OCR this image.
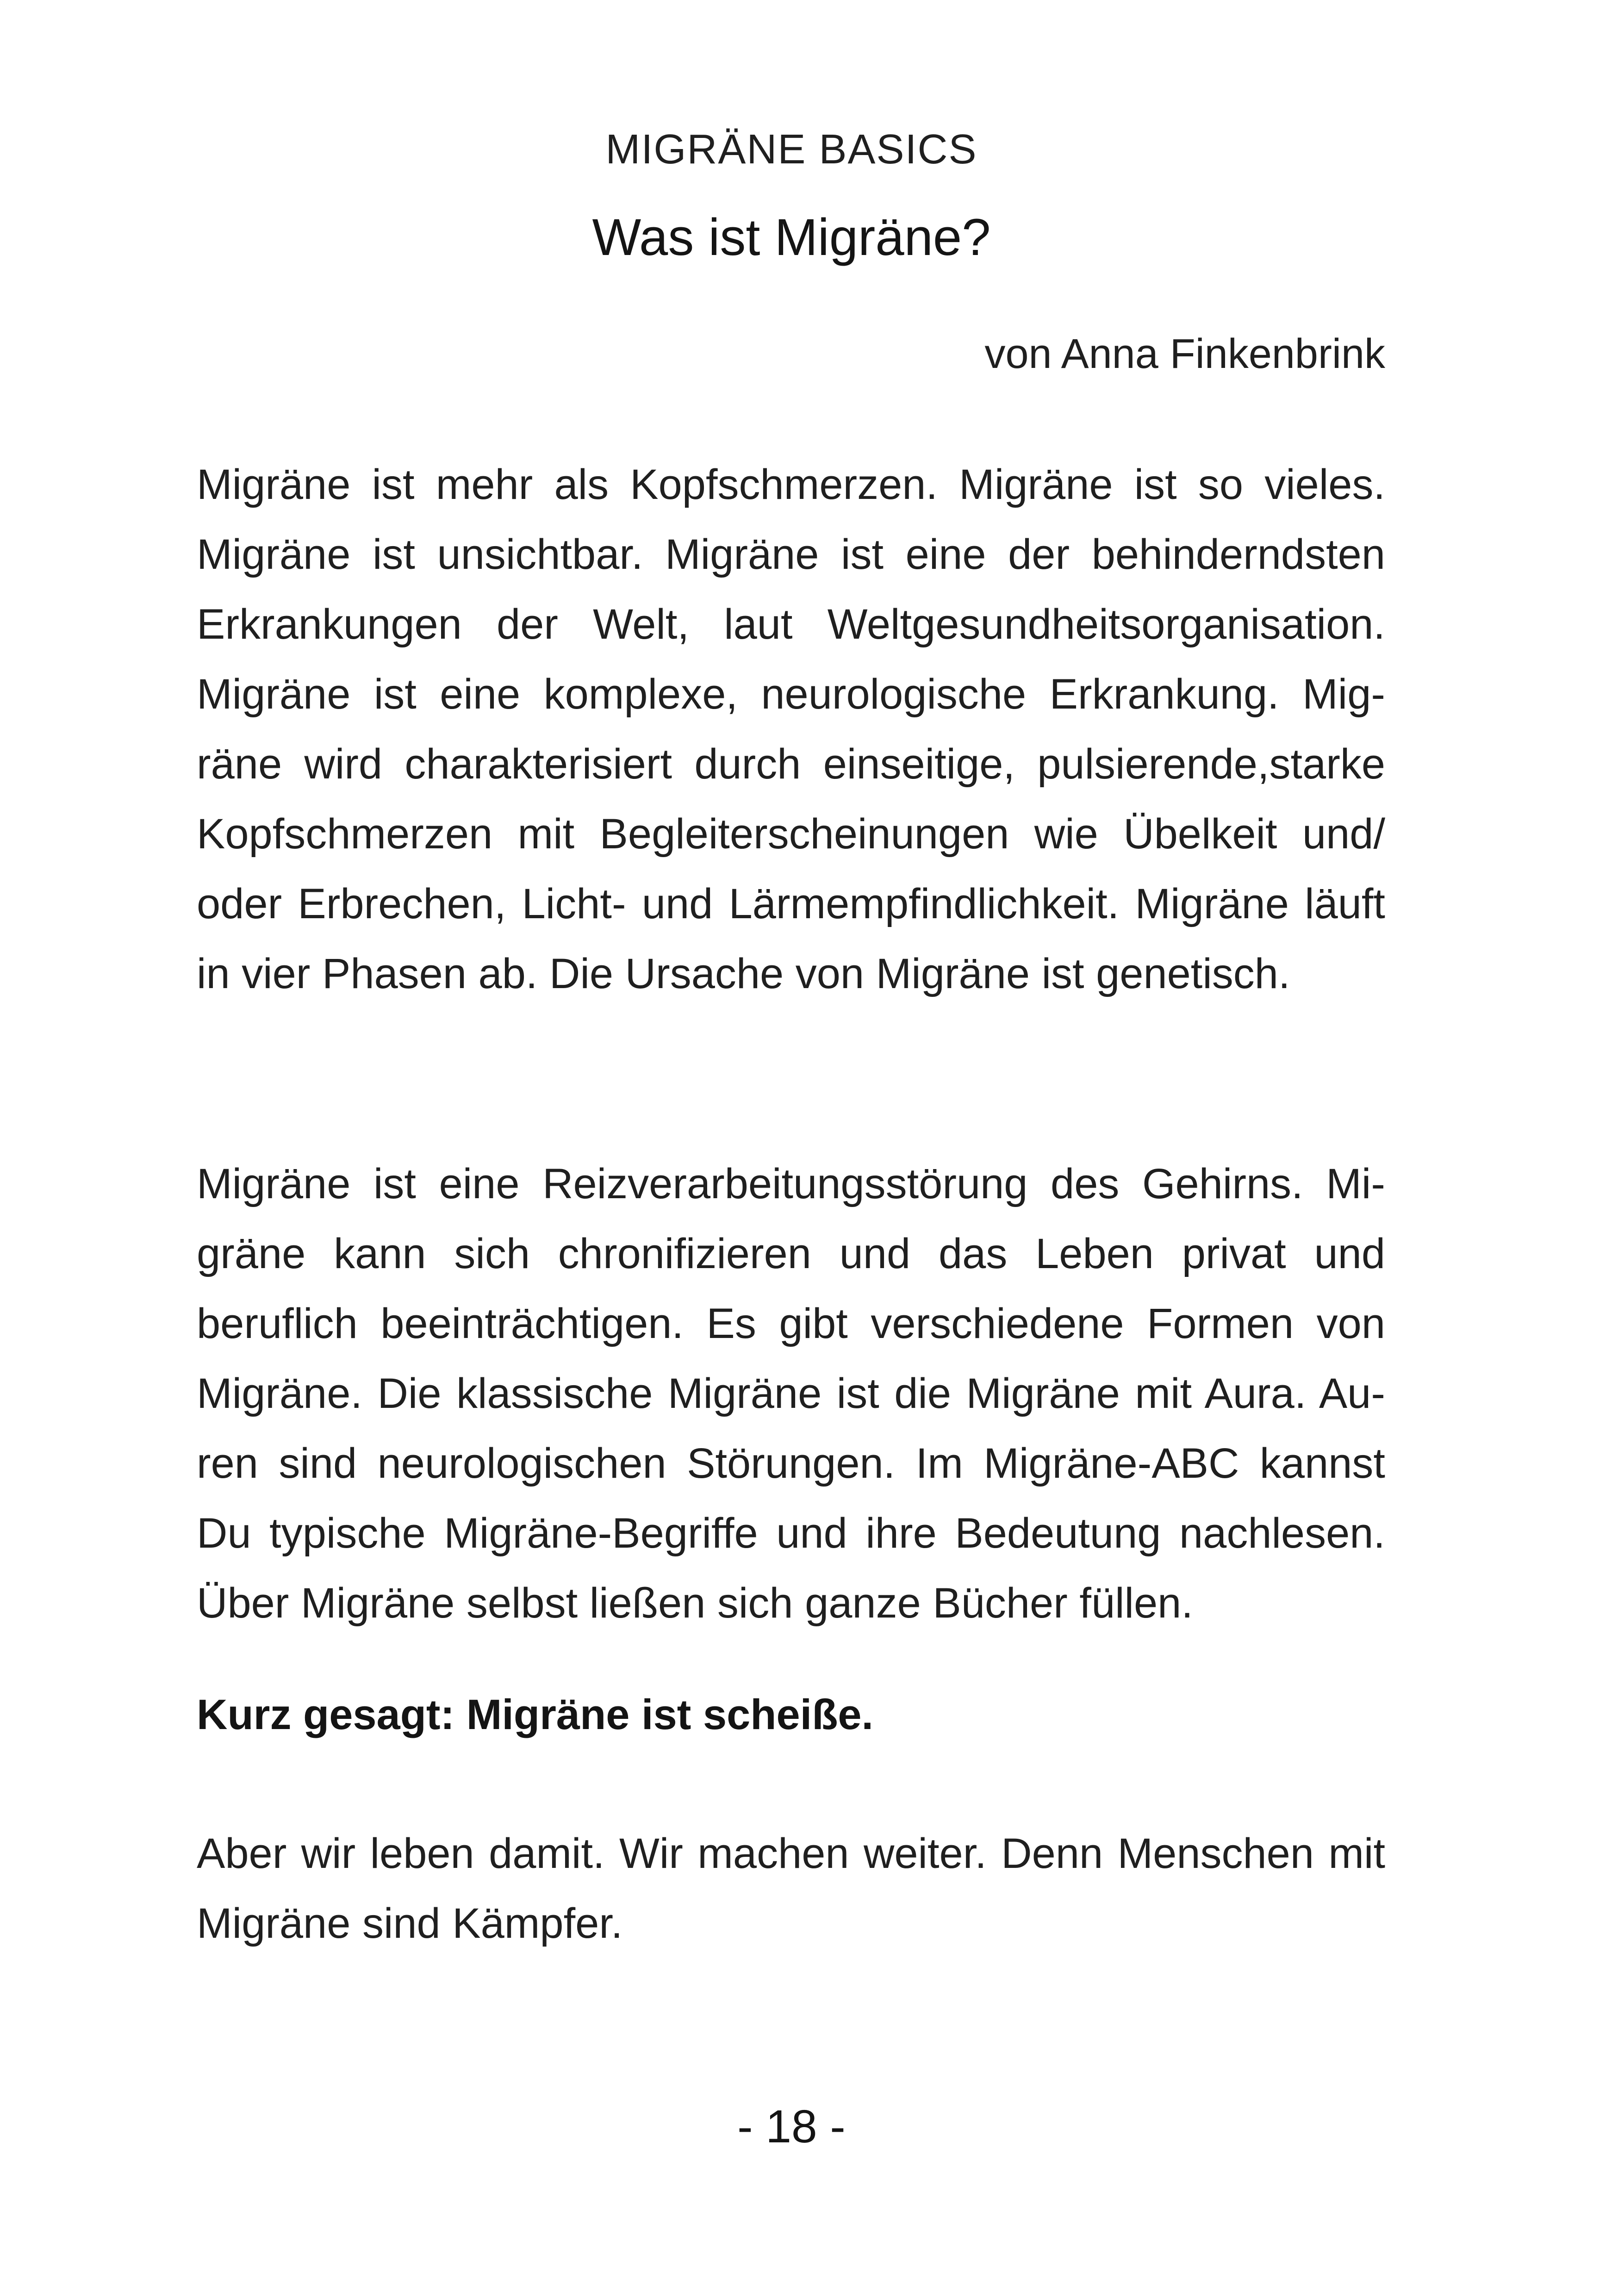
MIGRÄNE BASICS
Was ist Migräne?
von Anna Finkenbrink

Migräne ist mehr als Kopfschmerzen. Migräne ist so vieles. Migräne ist unsichtbar. Migräne ist eine der behinderndsten Erkrankungen der Welt, laut Weltgesundheitsorganisation. Migräne ist eine komplexe, neurologische Erkrankung. Migräne wird charakterisiert durch einseitige, pulsierende,starke Kopfschmerzen mit Begleiterscheinungen wie Übelkeit und/ oder Erbrechen, Licht- und Lärmempfindlichkeit. Migräne läuft in vier Phasen ab. Die Ursache von Migräne ist genetisch.

Migräne ist eine Reizverarbeitungsstörung des Gehirns. Migräne kann sich chronifizieren und das Leben privat und beruflich beeinträchtigen. Es gibt verschiedene Formen von Migräne. Die klassische Migräne ist die Migräne mit Aura. Auren sind neurologischen Störungen. Im Migräne-ABC kannst Du typische Migräne-Begriffe und ihre Bedeutung nachlesen. Über Migräne selbst ließen sich ganze Bücher füllen.

Kurz gesagt: Migräne ist scheiße.

Aber wir leben damit. Wir machen weiter. Denn Menschen mit Migräne sind Kämpfer.

- 18 -
